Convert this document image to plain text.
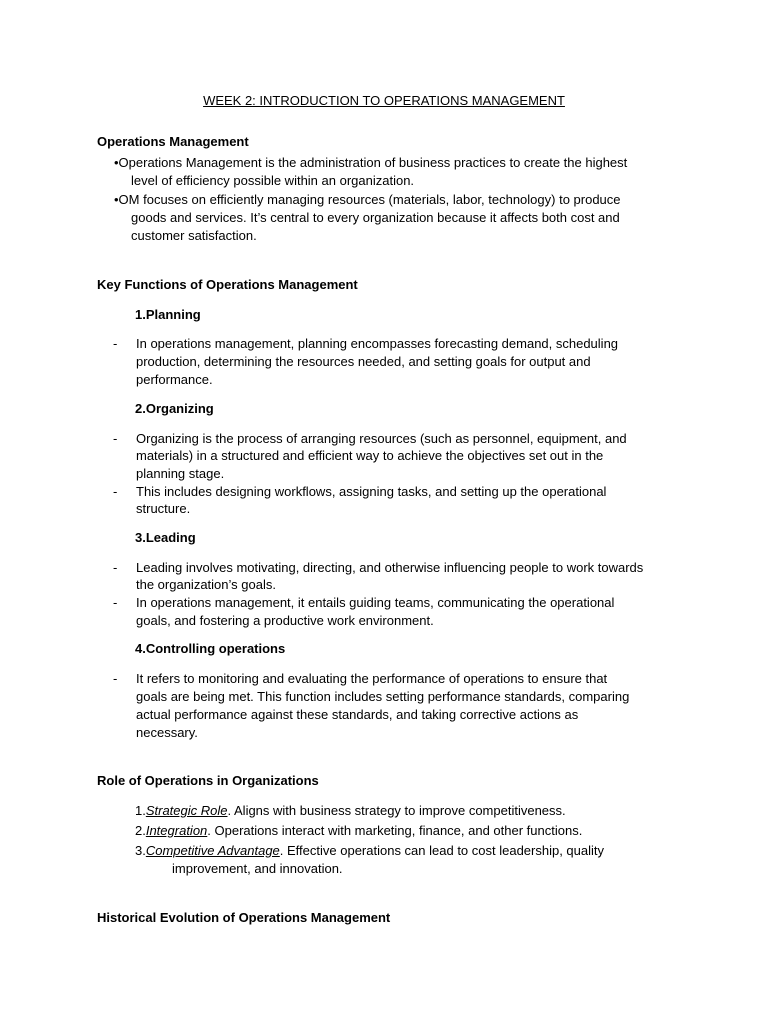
WEEK 2: INTRODUCTION TO OPERATIONS MANAGEMENT
Operations Management
•Operations Management is the administration of business practices to create the highest
level of efficiency possible within an organization.
•OM focuses on efficiently managing resources (materials, labor, technology) to produce
goods and services. It’s central to every organization because it affects both cost and
customer satisfaction.
Key Functions of Operations Management
1.Planning
- In operations management, planning encompasses forecasting demand, scheduling
production, determining the resources needed, and setting goals for output and
performance.
2.Organizing
- Organizing is the process of arranging resources (such as personnel, equipment, and
materials) in a structured and efficient way to achieve the objectives set out in the
planning stage.
- This includes designing workflows, assigning tasks, and setting up the operational
structure.
3.Leading
- Leading involves motivating, directing, and otherwise influencing people to work towards
the organization’s goals.
- In operations management, it entails guiding teams, communicating the operational
goals, and fostering a productive work environment.
4.Controlling operations
- It refers to monitoring and evaluating the performance of operations to ensure that
goals are being met. This function includes setting performance standards, comparing
actual performance against these standards, and taking corrective actions as
necessary.
Role of Operations in Organizations
1.Strategic Role. Aligns with business strategy to improve competitiveness.
2.Integration. Operations interact with marketing, finance, and other functions.
3.Competitive Advantage. Effective operations can lead to cost leadership, quality
improvement, and innovation.
Historical Evolution of Operations Management
